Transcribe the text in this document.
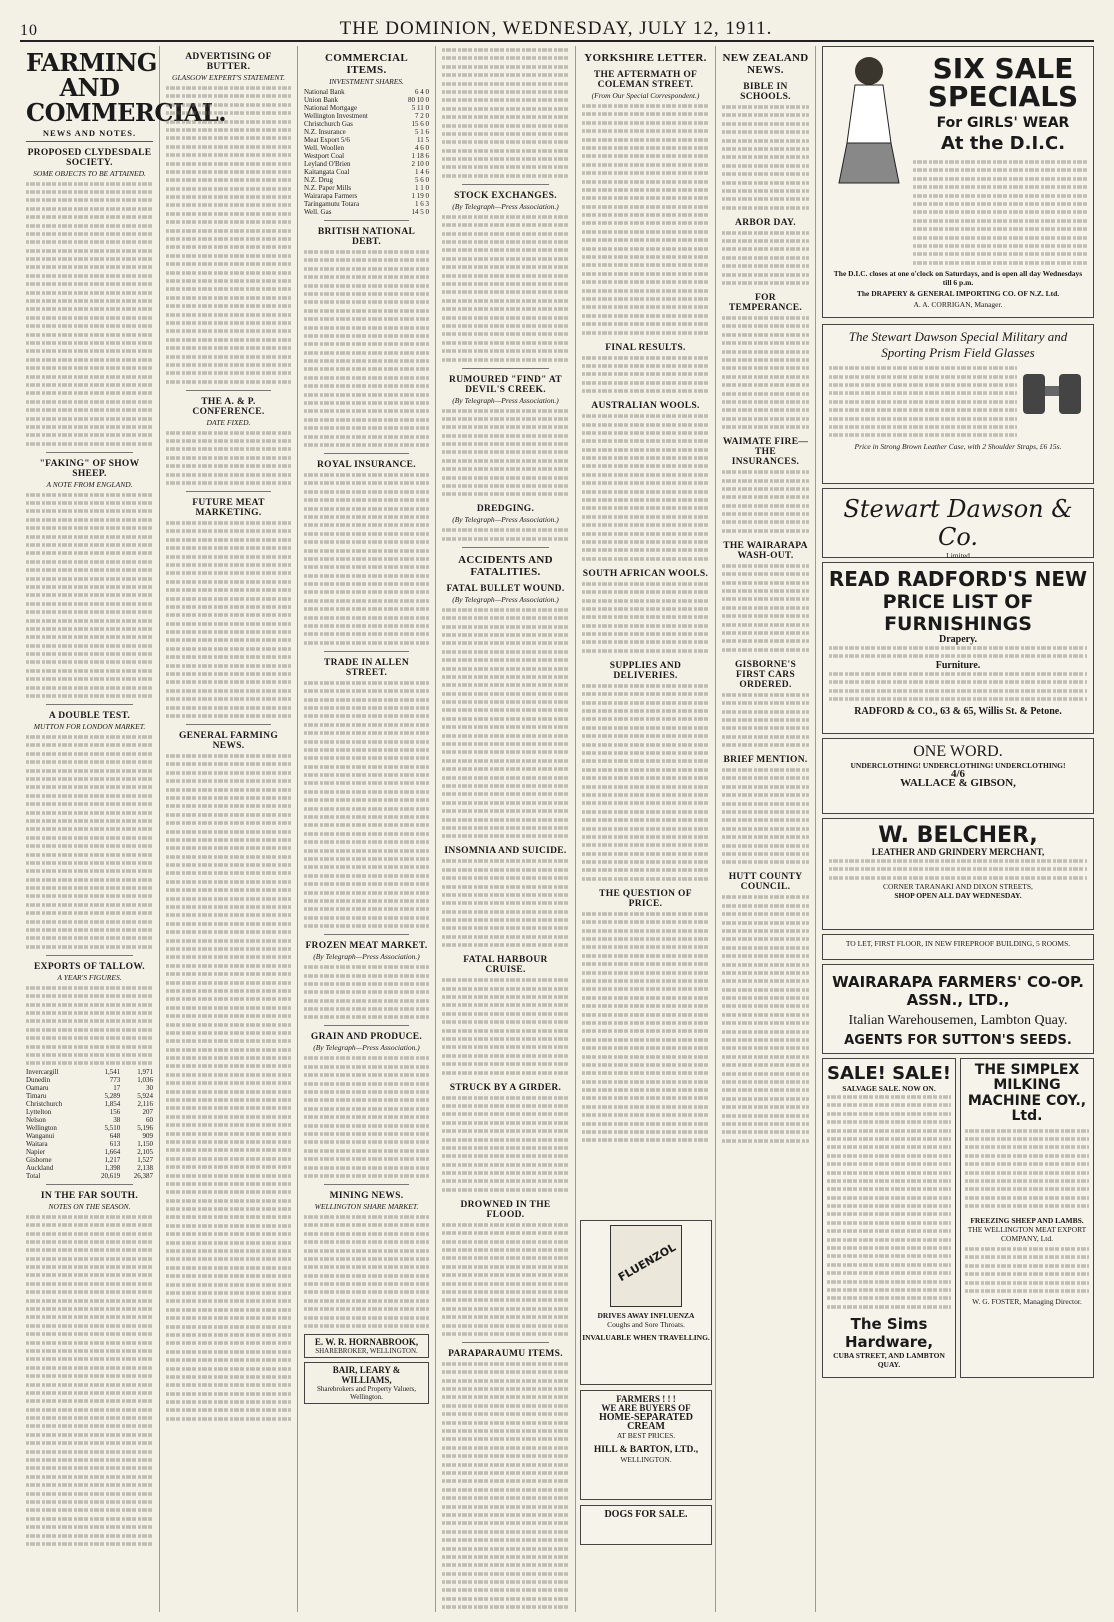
10	THE DOMINION, WEDNESDAY, JULY 12, 1911.
FARMING AND COMMERCIAL.
NEWS AND NOTES.
PROPOSED CLYDESDALE SOCIETY.
SOME OBJECTS TO BE ATTAINED.
"FAKING" OF SHOW SHEEP.
A NOTE FROM ENGLAND.
A DOUBLE TEST.
MUTTON FOR LONDON MARKET.
EXPORTS OF TALLOW.
A YEAR'S FIGURES.
Invercargill	1,541	1,971
Dunedin	773	1,036
Oamaru	17	30
Timaru	5,289	5,924
Christchurch	1,854	2,116
Lyttelton	156	207
Nelson	38	60
Wellington	5,510	5,196
Wanganui	648	909
Waitara	613	1,150
Napier	1,664	2,105
Gisborne	1,217	1,527
Auckland	1,398	2,138
Total	20,619	26,387
IN THE FAR SOUTH.
NOTES ON THE SEASON.
ADVERTISING OF BUTTER.
GLASGOW EXPERT'S STATEMENT.
THE A. & P. CONFERENCE.
DATE FIXED.
FUTURE MEAT MARKETING.
GENERAL FARMING NEWS.
COMMERCIAL ITEMS.
INVESTMENT SHARES.
National Bank	6 4 0
Union Bank	80 10 0
National Mortgage	5 11 0
Wellington Investment	7 2 0
Christchurch Gas	15 6 0
N.Z. Insurance	5 1 6
Meat Export 5/6	11 5
Well. Woollen	4 6 0
Westport Coal	1 18 6
Leyland O'Brien	2 10 0
Kaitangata Coal	1 4 6
N.Z. Drug	5 6 0
N.Z. Paper Mills	1 1 0
Wairarapa Farmers	1 19 0
Taringamutu Totara	1 6 3
Well. Gas	14 5 0
BRITISH NATIONAL DEBT.
ROYAL INSURANCE.
TRADE IN ALLEN STREET.
FROZEN MEAT MARKET.
(By Telegraph—Press Association.)
GRAIN AND PRODUCE.
(By Telegraph—Press Association.)
MINING NEWS.
WELLINGTON SHARE MARKET.
E. W. R. HORNABROOK,
SHAREBROKER, WELLINGTON.
BAIR, LEARY & WILLIAMS,
Sharebrokers and Property Valuers, Wellington.
STOCK EXCHANGES.
(By Telegraph—Press Association.)
RUMOURED "FIND" AT DEVIL'S CREEK.
(By Telegraph—Press Association.)
DREDGING.
(By Telegraph—Press Association.)
ACCIDENTS AND FATALITIES.
FATAL BULLET WOUND.
(By Telegraph—Press Association.)
INSOMNIA AND SUICIDE.
FATAL HARBOUR CRUISE.
STRUCK BY A GIRDER.
DROWNED IN THE FLOOD.
PARAPARAUMU ITEMS.
YORKSHIRE LETTER.
THE AFTERMATH OF COLEMAN STREET.
(From Our Special Correspondent.)
FINAL RESULTS.
AUSTRALIAN WOOLS.
SOUTH AFRICAN WOOLS.
SUPPLIES AND DELIVERIES.
THE QUESTION OF PRICE.
NEW ZEALAND NEWS.
BIBLE IN SCHOOLS.
ARBOR DAY.
FOR TEMPERANCE.
WAIMATE FIRE—THE INSURANCES.
THE WAIRARAPA WASH-OUT.
GISBORNE'S FIRST CARS ORDERED.
BRIEF MENTION.
HUTT COUNTY COUNCIL.
FLUENZOL
DRIVES AWAY INFLUENZA
Coughs and Sore Throats.
INVALUABLE WHEN TRAVELLING.
FARMERS ! ! !
WE ARE BUYERS OF
HOME-SEPARATED CREAM
AT BEST PRICES.
HILL & BARTON, LTD.,
WELLINGTON.
DOGS FOR SALE.
SIX SALE SPECIALS
For GIRLS' WEAR
At the D.I.C.
The D.I.C. closes at one o'clock on Saturdays, and is open all day Wednesdays till 6 p.m.
The DRAPERY & GENERAL IMPORTING CO. OF N.Z. Ltd.
A. A. CORRIGAN, Manager.
The Stewart Dawson Special Military and Sporting Prism Field Glasses
Price in Strong Brown Leather Case, with 2 Shoulder Straps, £6 15s.
Stewart Dawson & Co.
Limited
READ RADFORD'S NEW
PRICE LIST OF FURNISHINGS
Drapery.
Furniture.
RADFORD & CO., 63 & 65, Willis St. & Petone.
ONE WORD.
UNDERCLOTHING! UNDERCLOTHING! UNDERCLOTHING!
4/6
WALLACE & GIBSON,
W. BELCHER,
LEATHER AND GRINDERY MERCHANT,
CORNER TARANAKI AND DIXON STREETS,
SHOP OPEN ALL DAY WEDNESDAY.
TO LET, FIRST FLOOR, IN NEW FIREPROOF BUILDING, 5 ROOMS.
WAIRARAPA FARMERS' CO-OP. ASSN., LTD.,
Italian Warehousemen, Lambton Quay.
AGENTS FOR SUTTON'S SEEDS.
SALE! SALE!
SALVAGE SALE. NOW ON.
The Sims Hardware,
CUBA STREET, AND LAMBTON QUAY.
THE SIMPLEX MILKING MACHINE COY., Ltd.
FREEZING SHEEP AND LAMBS.
THE WELLINGTON MEAT EXPORT COMPANY, Ltd.
W. G. FOSTER, Managing Director.
